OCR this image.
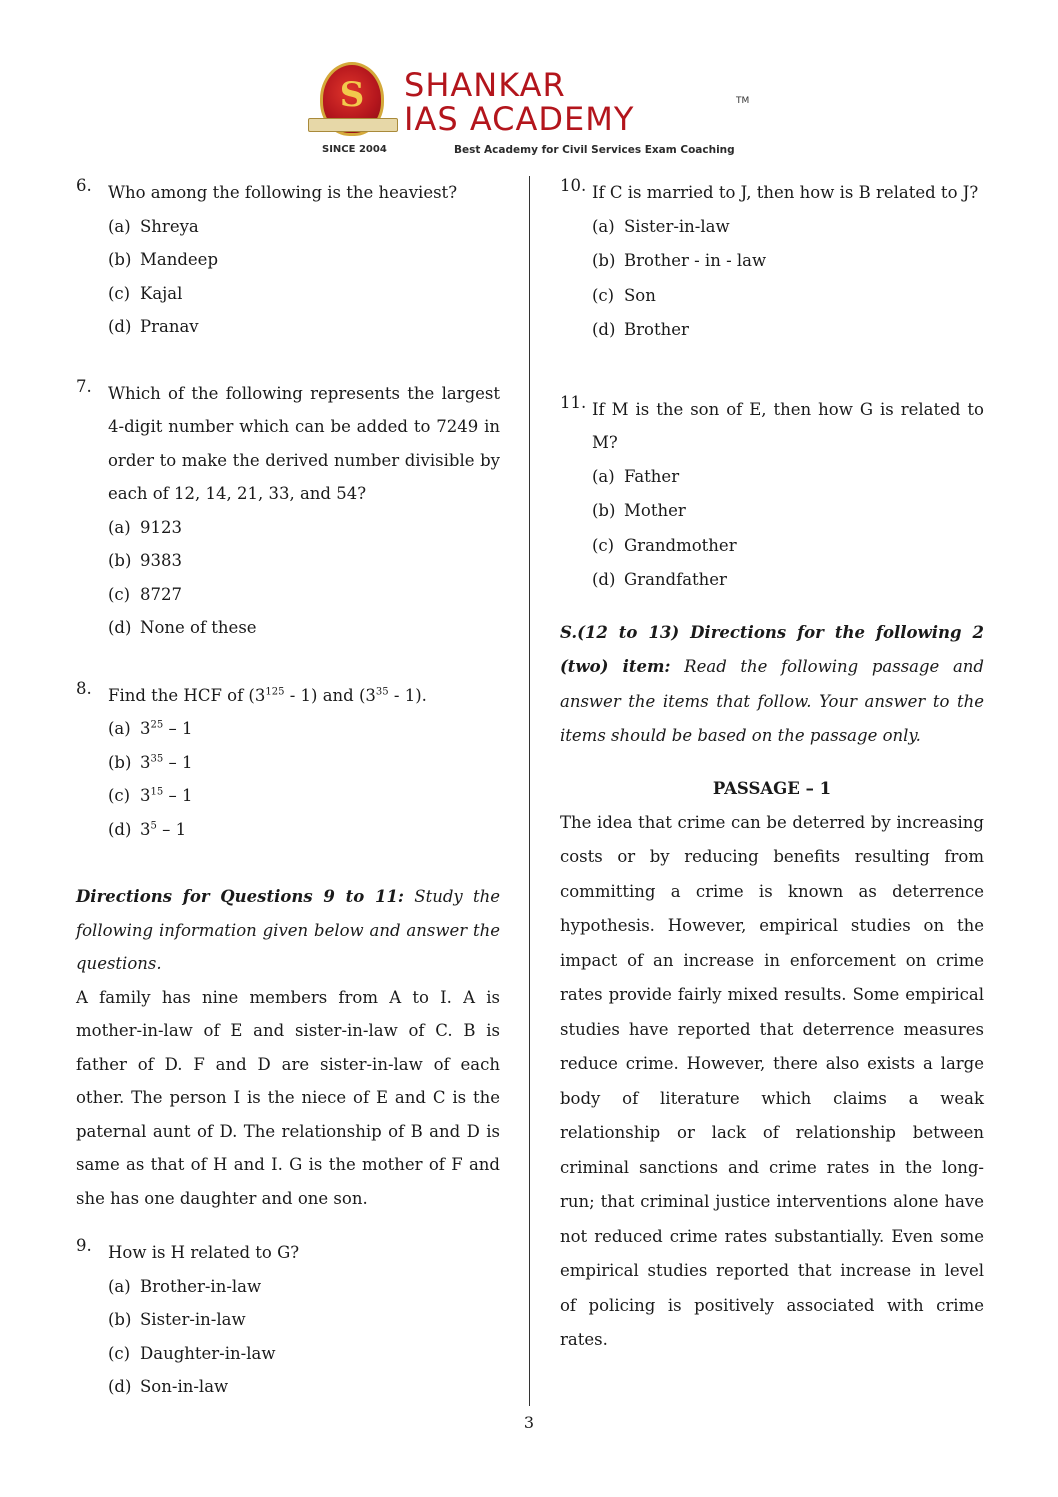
S
SINCE 2004
SHANKAR
IAS ACADEMY	TM
Best Academy for Civil Services Exam Coaching
6. Who among the following is the heaviest?
(a) Shreya
(b) Mandeep
(c) Kajal
(d) Pranav
7. Which of the following represents the largest 4-digit number which can be added to 7249 in order to make the derived number divisible by each of 12, 14, 21, 33, and 54?
(a) 9123
(b) 9383
(c) 8727
(d) None of these
8. Find the HCF of $(3^{125} - 1)$ and $(3^{35} - 1)$.
(a) $3^{25} - 1$
(b) $3^{35} - 1$
(c) $3^{15} - 1$
(d) $3^5 - 1$
Directions for Questions 9 to 11: Study the following information given below and answer the questions.
A family has nine members from A to I. A is mother-in-law of E and sister-in-law of C. B is father of D. F and D are sister-in-law of each other. The person I is the niece of E and C is the paternal aunt of D. The relationship of B and D is same as that of H and I. G is the mother of F and she has one daughter and one son.
9. How is H related to G?
(a) Brother-in-law
(b) Sister-in-law
(c) Daughter-in-law
(d) Son-in-law
10. If C is married to J, then how is B related to J?
(a) Sister-in-law
(b) Brother - in - law
(c) Son
(d) Brother
11. If M is the son of E, then how G is related to M?
(a) Father
(b) Mother
(c) Grandmother
(d) Grandfather
S.(12 to 13) Directions for the following 2 (two) item: Read the following passage and answer the items that follow. Your answer to the items should be based on the passage only.
PASSAGE – 1
The idea that crime can be deterred by increasing costs or by reducing benefits resulting from committing a crime is known as deterrence hypothesis. However, empirical studies on the impact of an increase in enforcement on crime rates provide fairly mixed results. Some empirical studies have reported that deterrence measures reduce crime. However, there also exists a large body of literature which claims a weak relationship or lack of relationship between criminal sanctions and crime rates in the long-run; that criminal justice interventions alone have not reduced crime rates substantially. Even some empirical studies reported that increase in level of policing is positively associated with crime rates.
3
